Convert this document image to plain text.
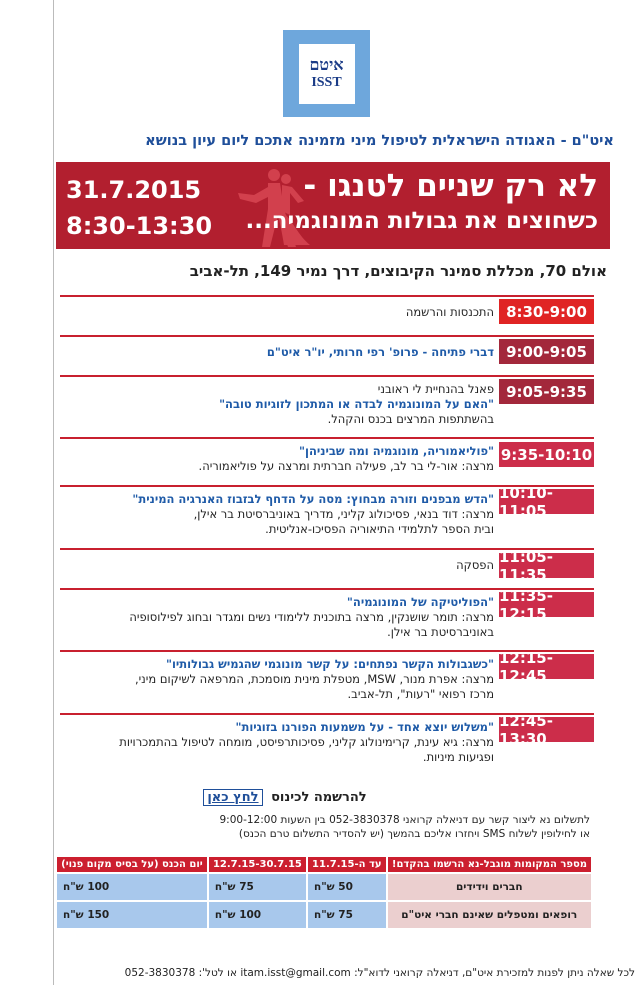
איטם
ISST
איט"ם - האגודה הישראלית לטיפול מיני מזמינה אתכם ליום עיון בנושא
לא רק שניים לטנגו -
כשחוצים את גבולות המונוגמיה...
31.7.2015
8:30-13:30
אולם 70, מכללת סמינר הקיבוצים, דרך נמיר 149, תל-אביב
8:30-9:00
התכנסות והרשמה
9:00-9:05
דברי פתיחה - פרופ' רפי חרותי, יו"ר איט"ם
9:05-9:35
פאנל בהנחיית לי ראובני
"האם על המונוגמיה לבדה או המתכון לזוגיות טובה"
בהשתתפות המרצים בכנס והקהל.
9:35-10:10
"פוליאמוריה, מונוגמיה ומה שביניהן"
מרצה: אור-לי בר לב, פעילה חברתית ומרצה על פוליאמוריה.
10:10-11:05
"הדש מבפנים וזורה מבחוץ: מסה על הדחף לבזבוז האנרגיה המינית"
מרצה: דוד בנאי, פסיכולוג קליני, מדריך באוניברסיטת בר אילן,
ובית הספר לתלמידי התיאוריה הפסיכו-אנליטית.
11:05-11:35
הפסקה
11:35-12:15
"הפוליטיקה של המונוגמיה"
מרצה: תומר שושנקין, מרצה בתוכנית ללימודי נשים ומגדר ובחוג לפילוסופיה
באוניברסיטת בר אילן.
12:15-12:45
"כשגבולות הקשר נפתחים: על קשר מונוגמי שהגמיש גבולותיו"
מרצה: אפרת מנור, MSW, מטפלת מינית מוסמכת, המרפאה לשיקום מיני,
מרכז רפואי "רעות", תל-אביב.
12:45-13:30
"משלוש יוצא אחד - על משמעות הפורנו בזוגיות"
מרצה: גיא עינת, קרימינולוג קליני, פסיכותרפיסט, מומחה לטיפול בהתמכרויות
ופגיעות מיניות.
להרשמה לכינוס לחץ כאן
לתשלום נא ליצור קשר עם דניאלה קרואני 052-3830378 בין השעות 9:00-12:00
או לחילופין לשלוח SMS ויחזרו אליכם בהמשך (יש להסדיר התשלום טרם הכנס)
מספר המקומות מוגבל-נא הרשמו בהקדם!	עד ה-11.7.15	12.7.15-30.7.15	יום הכנס (על בסיס מקום פנוי)
חברים וידידים	50 ש"ח	75 ש"ח	100 ש"ח
רופאים ומטפלים שאינם חברי איט"ם	75 ש"ח	100 ש"ח	150 ש"ח
לכל שאלה ניתן לפנות למזכירת איט"ם, דניאלה קרואני לדוא"ל: itam.isst@gmail.com או לטל': 052-3830378
